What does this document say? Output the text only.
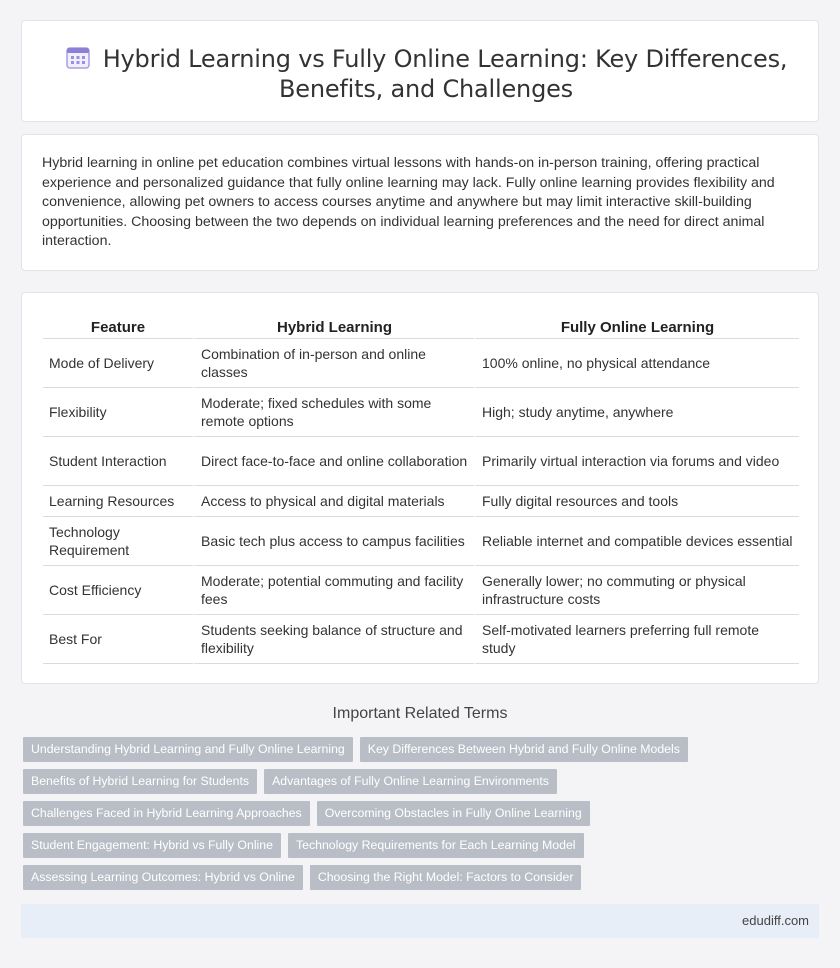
Hybrid Learning vs Fully Online Learning: Key Differences, Benefits, and Challenges

Hybrid learning in online pet education combines virtual lessons with hands-on in-person training, offering practical experience and personalized guidance that fully online learning may lack. Fully online learning provides flexibility and convenience, allowing pet owners to access courses anytime and anywhere but may limit interactive skill-building opportunities. Choosing between the two depends on individual learning preferences and the need for direct animal interaction.

Feature	Hybrid Learning	Fully Online Learning
Mode of Delivery	Combination of in-person and online classes	100% online, no physical attendance
Flexibility	Moderate; fixed schedules with some remote options	High; study anytime, anywhere
Student Interaction	Direct face-to-face and online collaboration	Primarily virtual interaction via forums and video
Learning Resources	Access to physical and digital materials	Fully digital resources and tools
Technology Requirement	Basic tech plus access to campus facilities	Reliable internet and compatible devices essential
Cost Efficiency	Moderate; potential commuting and facility fees	Generally lower; no commuting or physical infrastructure costs
Best For	Students seeking balance of structure and flexibility	Self-motivated learners preferring full remote study
Important Related Terms
Understanding Hybrid Learning and Fully Online Learning Key Differences Between Hybrid and Fully Online Models
Benefits of Hybrid Learning for Students Advantages of Fully Online Learning Environments
Challenges Faced in Hybrid Learning Approaches Overcoming Obstacles in Fully Online Learning
Student Engagement: Hybrid vs Fully Online Technology Requirements for Each Learning Model
Assessing Learning Outcomes: Hybrid vs Online Choosing the Right Model: Factors to Consider
edudiff.com
